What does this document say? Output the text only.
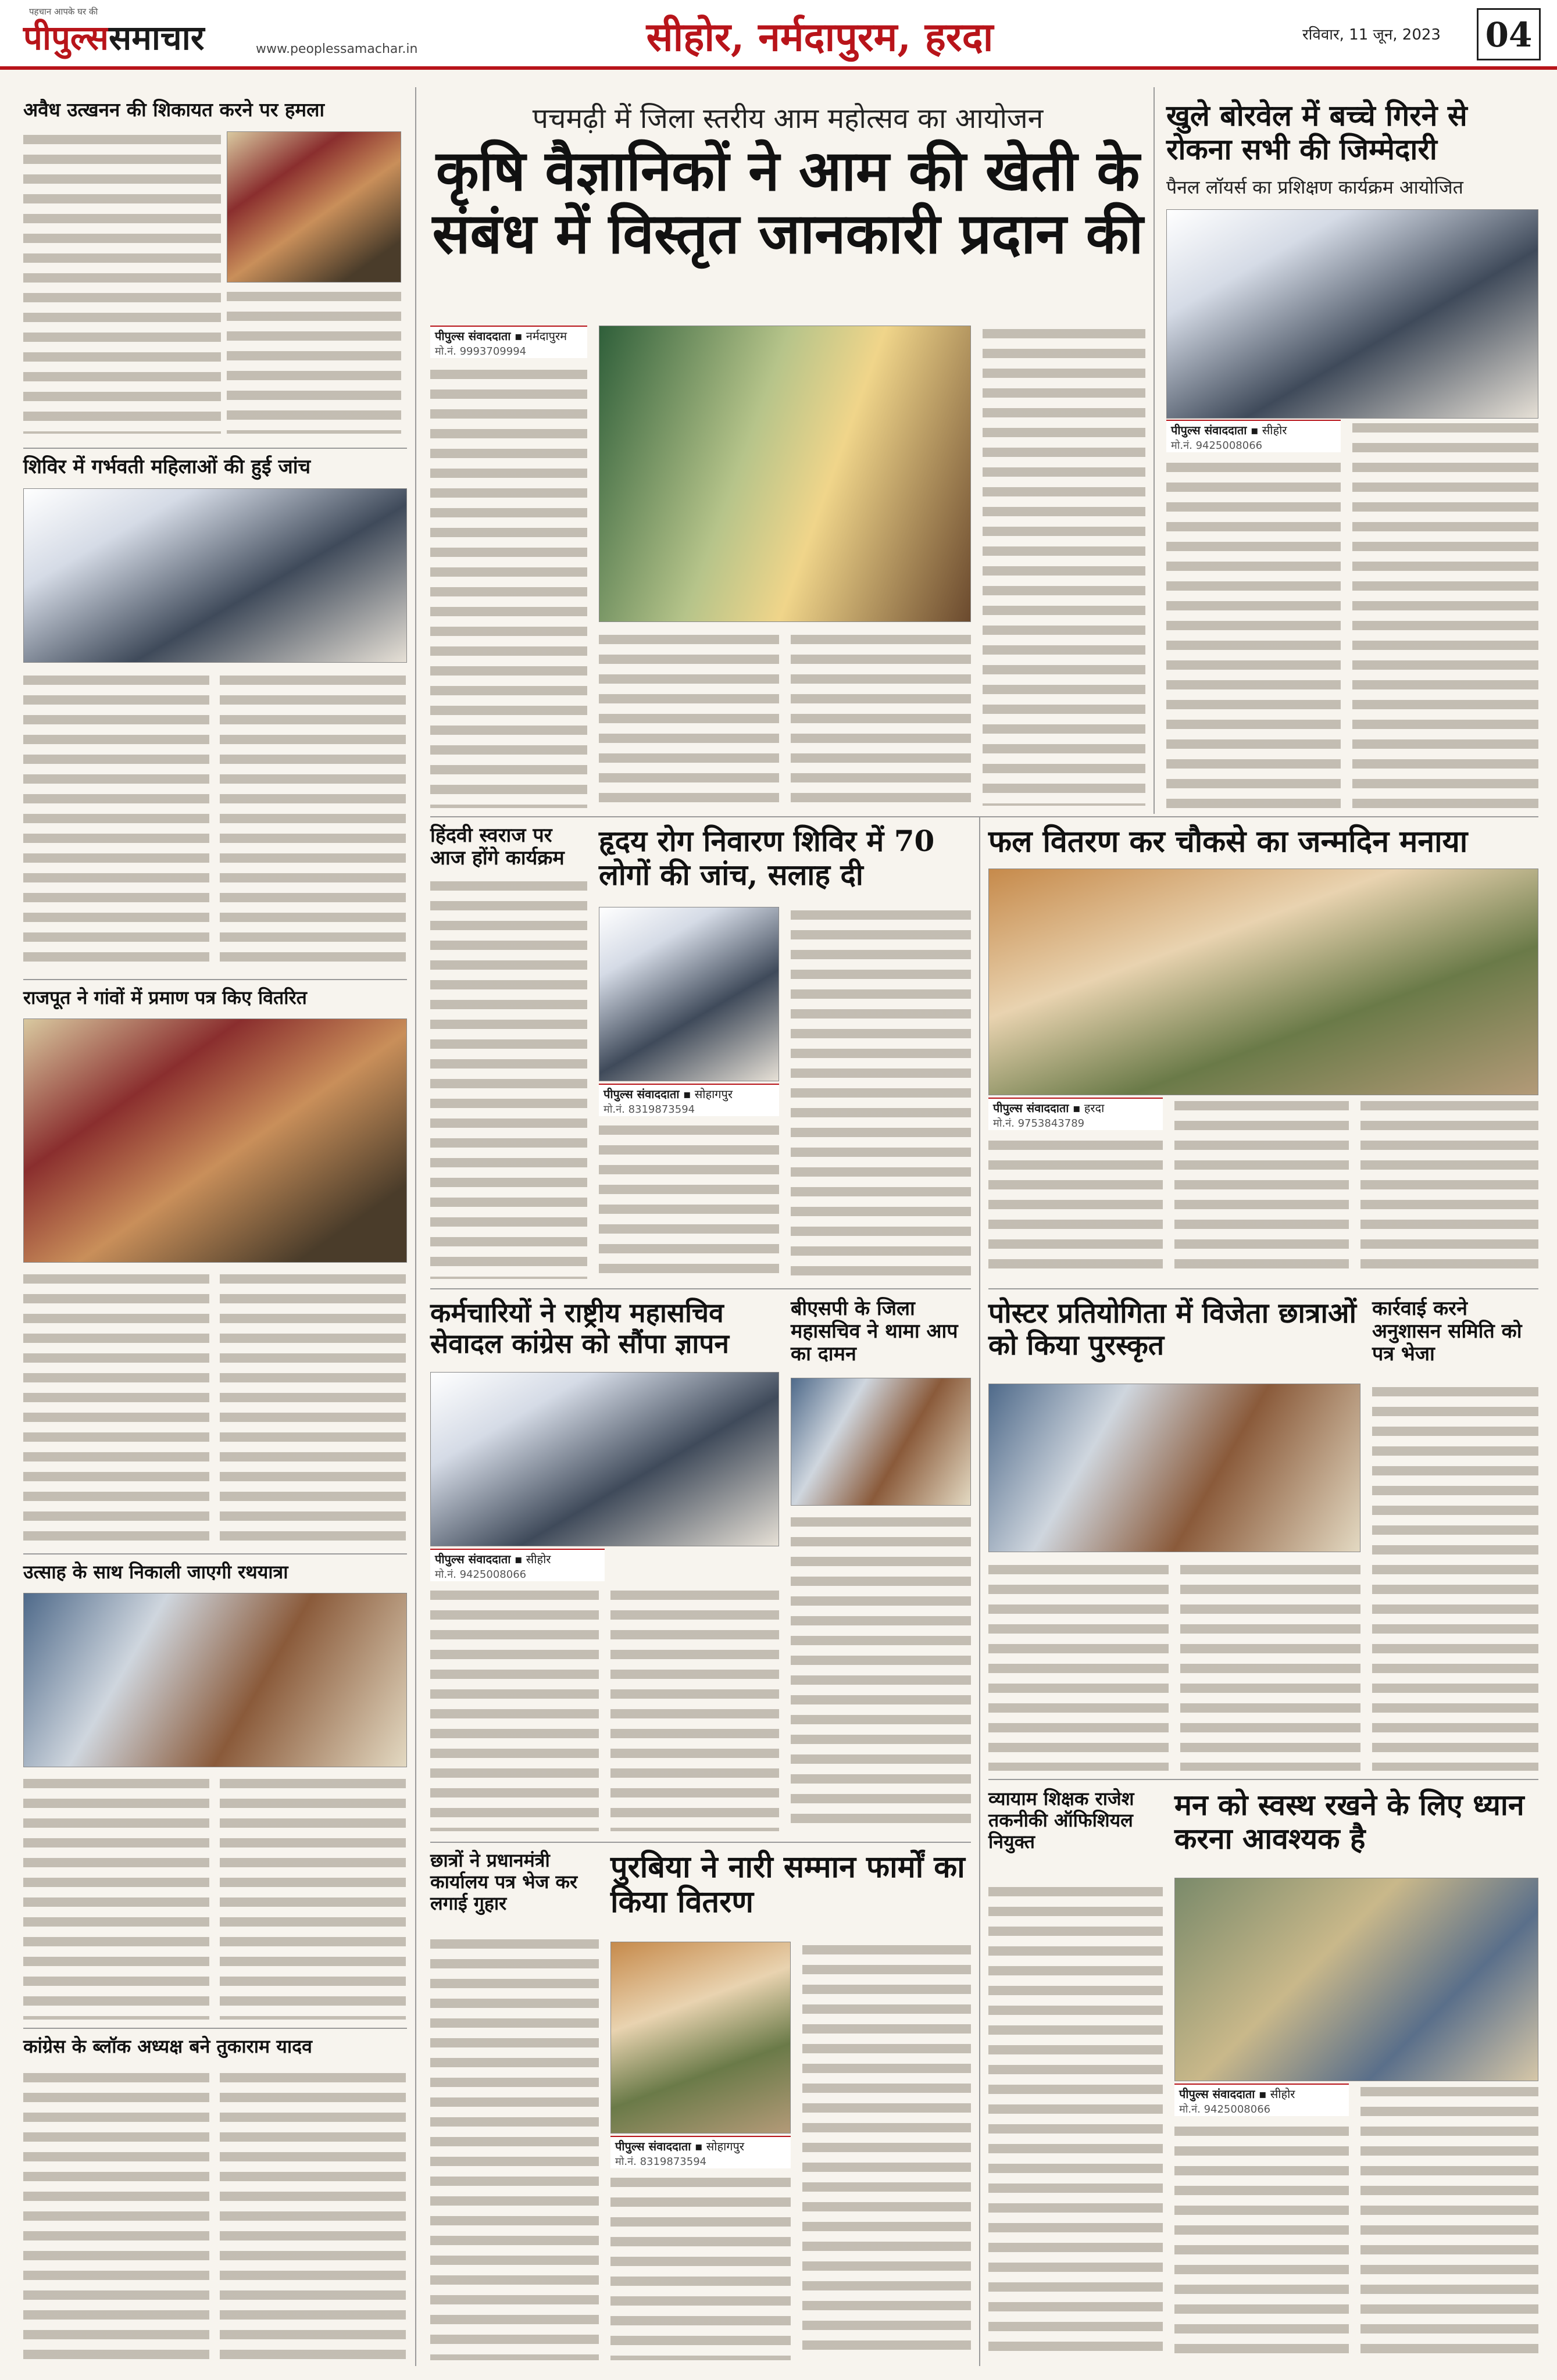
पहचान आपके घर की
पीपुल्ससमाचार	www.peoplessamachar.in	सीहोर, नर्मदापुरम, हरदा	रविवार, 11 जून, 2023 04
अवैध उत्खनन की शिकायत करने पर हमला
शिविर में गर्भवती महिलाओं की हुई जांच
राजपूत ने गांवों में प्रमाण पत्र किए वितरित
उत्साह के साथ निकाली जाएगी रथयात्रा
कांग्रेस के ब्लॉक अध्यक्ष बने तुकाराम यादव
पचमढ़ी में जिला स्तरीय आम महोत्सव का आयोजन
कृषि वैज्ञानिकों ने आम की खेती के संबंध में विस्तृत जानकारी प्रदान की
पीपुल्स संवाददाता ▪ नर्मदापुरम
मो.नं. 9993709994
हिंदवी स्वराज पर आज होंगे कार्यक्रम
हृदय रोग निवारण शिविर में 70 लोगों की जांच, सलाह दी
पीपुल्स संवाददाता ▪ सोहागपुर
मो.नं. 8319873594
कर्मचारियों ने राष्ट्रीय महासचिव सेवादल कांग्रेस को सौंपा ज्ञापन
पीपुल्स संवाददाता ▪ सीहोर
मो.नं. 9425008066
बीएसपी के जिला महासचिव ने थामा आप का दामन
छात्रों ने प्रधानमंत्री कार्यालय पत्र भेज कर लगाई गुहार
पुरबिया ने नारी सम्मान फार्मों का किया वितरण
पीपुल्स संवाददाता ▪ सोहागपुर
मो.नं. 8319873594
खुले बोरवेल में बच्चे गिरने से रोकना सभी की जिम्मेदारी
पैनल लॉयर्स का प्रशिक्षण कार्यक्रम आयोजित
पीपुल्स संवाददाता ▪ सीहोर
मो.नं. 9425008066
फल वितरण कर चौकसे का जन्मदिन मनाया
पीपुल्स संवाददाता ▪ हरदा
मो.नं. 9753843789
पोस्टर प्रतियोगिता में विजेता छात्राओं को किया पुरस्कृत
कार्रवाई करने अनुशासन समिति को पत्र भेजा
व्यायाम शिक्षक राजेश तकनीकी ऑफिशियल नियुक्त
मन को स्वस्थ रखने के लिए ध्यान करना आवश्यक है
पीपुल्स संवाददाता ▪ सीहोर
मो.नं. 9425008066
